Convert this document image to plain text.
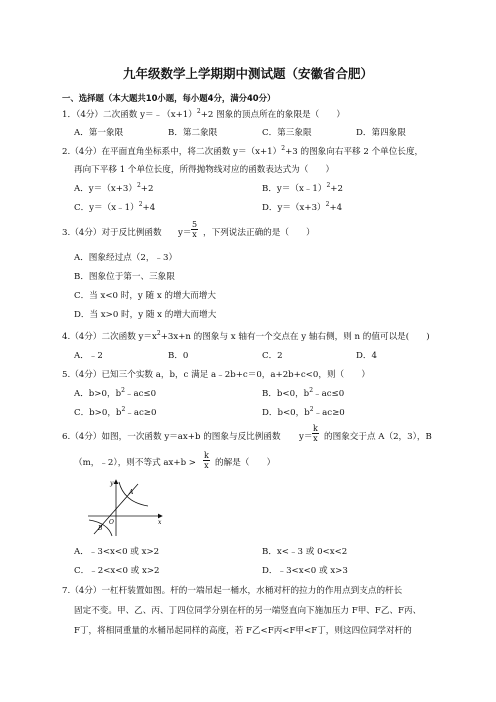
九年级数学上学期期中测试题（安徽省合肥）
一、选择题（本大题共10小题，每小题4分，满分40分）
1．（4分）二次函数 $y=﹣(x+1)^2+2$ 图象的顶点所在的象限是（　　）
A．第一象限	B．第二象限	C．第三象限	D．第四象限
2.（4分）在平面直角坐标系中，将二次函数 $y=(x+1)^2+3$ 的图象向右平移 2 个单位长度，
再向下平移 1 个单位长度，所得抛物线对应的函数表达式为（　　）
A．$y=(x+3)^2+2$	B．y＝（x﹣1）$^2$+2
C．y＝（x﹣1）$^2$+4	D．$y=(x+3)^2+4$
3.（4分）对于反比例函数 $y= \frac{5}{x}$ ，下列说法正确的是（　　）
A．图象经过点（2，﹣3）
B．图象位于第一、三象限
C．当 x<0 时，y 随 x 的增大而增大
D．当 x>0 时，y 随 x 的增大而增大
4.（4分）二次函数 $y=x^2+3x+n$ 的图象与 x 轴有一个交点在 y 轴右侧，则 n 的值可以是(　　)
A．﹣2	B．0	C．2	D．4
5.（4分）已知三个实数 a，b，c 满足 a﹣2b+c＝0，a+2b+c<0，则（　　）
A．b>0，$b^2﹣ac\le 0$	B．b<0，$b^2﹣ac\le 0$
C．b>0，$b^2﹣ac\ge 0$	D．b<0，$b^2﹣ac\ge 0$
6.（4分）如图，一次函数 y＝ax+b 的图象与反比例函数 $y= \frac{k}{x}$ 的图象交于点 A（2，3），B
（m，﹣2），则不等式 $ax+b > \frac{k}{x}$ 的解是（　　）
y
x
O
A
B
A．﹣3<x<0 或 x>2	B．x<﹣3 或 0<x<2
C．﹣2<x<0 或 x>2	D．﹣3<x<0 或 x>3
7.（4分）一杠杆装置如图。杆的一端吊起一桶水，水桶对杆的拉力的作用点到支点的杆长
固定不变。甲、乙、丙、丁四位同学分别在杆的另一端竖直向下施加压力 F甲、F乙、F丙、
F丁，将相同重量的水桶吊起同样的高度，若 F乙<F丙<F甲<F丁，则这四位同学对杆的
